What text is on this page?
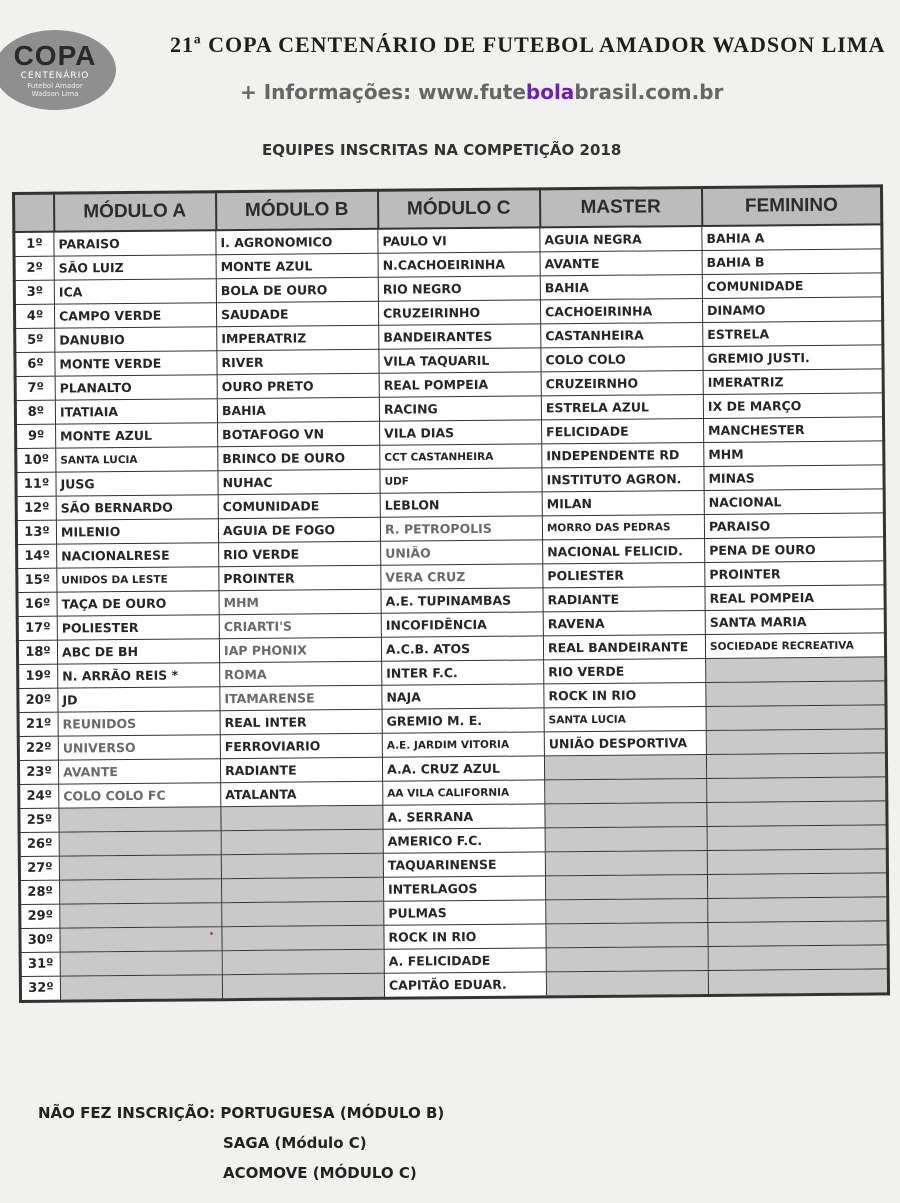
COPA
CENTENÁRIO
Futebol Amador
Wadson Lima
21ª COPA CENTENÁRIO DE FUTEBOL AMADOR WADSON LIMA
+ Informações: www.futebolabrasil.com.br
EQUIPES INSCRITAS NA COMPETIÇÃO 2018
	MÓDULO A	MÓDULO B	MÓDULO C	MASTER	FEMININO
1º	PARAISO	I. AGRONOMICO	PAULO VI	AGUIA NEGRA	BAHIA A
2º	SÃO LUIZ	MONTE AZUL	N.CACHOEIRINHA	AVANTE	BAHIA B
3º	ICA	BOLA DE OURO	RIO NEGRO	BAHIA	COMUNIDADE
4º	CAMPO VERDE	SAUDADE	CRUZEIRINHO	CACHOEIRINHA	DINAMO
5º	DANUBIO	IMPERATRIZ	BANDEIRANTES	CASTANHEIRA	ESTRELA
6º	MONTE VERDE	RIVER	VILA TAQUARIL	COLO COLO	GREMIO JUSTI.
7º	PLANALTO	OURO PRETO	REAL POMPEIA	CRUZEIRNHO	IMERATRIZ
8º	ITATIAIA	BAHIA	RACING	ESTRELA AZUL	IX DE MARÇO
9º	MONTE AZUL	BOTAFOGO VN	VILA DIAS	FELICIDADE	MANCHESTER
10º	SANTA LUCIA	BRINCO DE OURO	CCT CASTANHEIRA	INDEPENDENTE RD	MHM
11º	JUSG	NUHAC	UDF	INSTITUTO AGRON.	MINAS
12º	SÃO BERNARDO	COMUNIDADE	LEBLON	MILAN	NACIONAL
13º	MILENIO	AGUIA DE FOGO	R. PETROPOLIS	MORRO DAS PEDRAS	PARAISO
14º	NACIONALRESE	RIO VERDE	UNIÃO	NACIONAL FELICID.	PENA DE OURO
15º	UNIDOS DA LESTE	PROINTER	VERA CRUZ	POLIESTER	PROINTER
16º	TAÇA DE OURO	MHM	A.E. TUPINAMBAS	RADIANTE	REAL POMPEIA
17º	POLIESTER	CRIARTI'S	INCOFIDÊNCIA	RAVENA	SANTA MARIA
18º	ABC DE BH	IAP PHONIX	A.C.B. ATOS	REAL BANDEIRANTE	SOCIEDADE RECREATIVA
19º	N. ARRÃO REIS *	ROMA	INTER F.C.	RIO VERDE	
20º	JD	ITAMARENSE	NAJA	ROCK IN RIO	
21º	REUNIDOS	REAL INTER	GREMIO M. E.	SANTA LUCIA	
22º	UNIVERSO	FERROVIARIO	A.E. JARDIM VITORIA	UNIÃO DESPORTIVA	
23º	AVANTE	RADIANTE	A.A. CRUZ AZUL		
24º	COLO COLO FC	ATALANTA	AA VILA CALIFORNIA		
25º			A. SERRANA		
26º			AMERICO F.C.		
27º			TAQUARINENSE		
28º			INTERLAGOS		
29º			PULMAS		
30º			ROCK IN RIO		
31º			A. FELICIDADE		
32º			CAPITÃO EDUAR.		
NÃO FEZ INSCRIÇÃO: PORTUGUESA (MÓDULO B)
SAGA (Módulo C)
ACOMOVE (MÓDULO C)
